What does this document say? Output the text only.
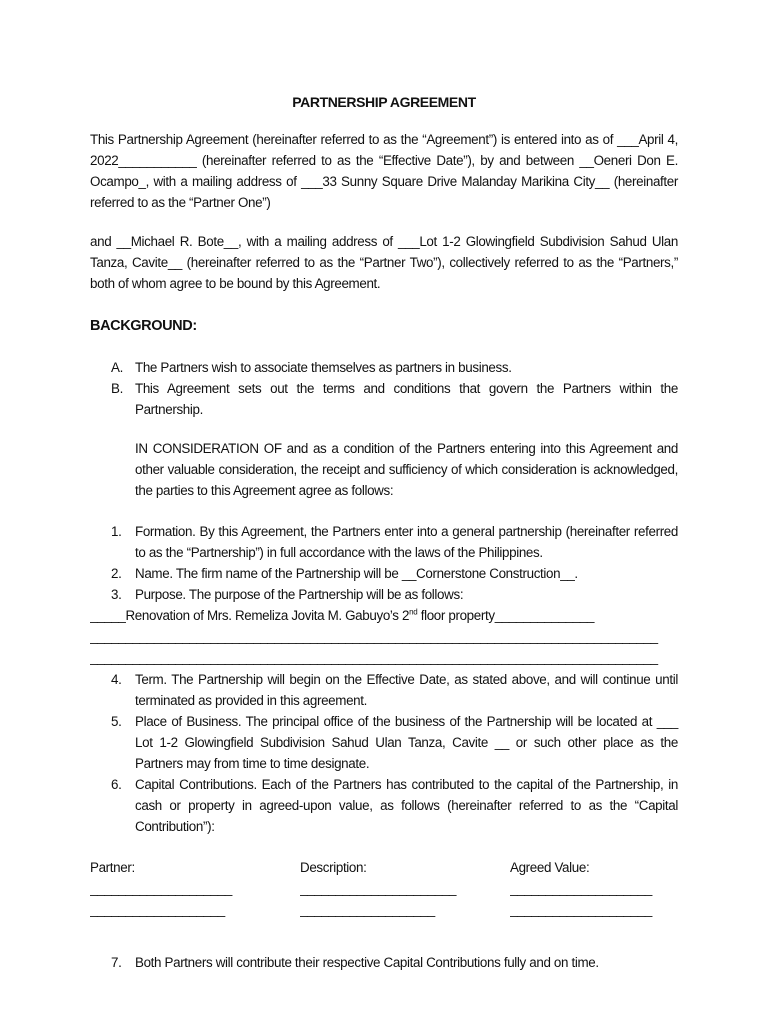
PARTNERSHIP AGREEMENT

This Partnership Agreement (hereinafter referred to as the “Agreement”) is entered into as of ___April 4, 2022___________ (hereinafter referred to as the “Effective Date”), by and between __Oeneri Don E. Ocampo_, with a mailing address of ___33 Sunny Square Drive Malanday Marikina City__ (hereinafter referred to as the “Partner One”)

and __Michael R. Bote__, with a mailing address of ___Lot 1-2 Glowingfield Subdivision Sahud Ulan Tanza, Cavite__ (hereinafter referred to as the “Partner Two”), collectively referred to as the “Partners,” both of whom agree to be bound by this Agreement.

BACKGROUND:
A. The Partners wish to associate themselves as partners in business.
B. This Agreement sets out the terms and conditions that govern the Partners within the Partnership.

IN CONSIDERATION OF and as a condition of the Partners entering into this Agreement and other valuable consideration, the receipt and sufficiency of which consideration is acknowledged, the parties to this Agreement agree as follows:

1. Formation. By this Agreement, the Partners enter into a general partnership (hereinafter referred to as the “Partnership”) in full accordance with the laws of the Philippines.
2. Name. The firm name of the Partnership will be __Cornerstone Construction__.
3. Purpose. The purpose of the Partnership will be as follows:

_____Renovation of Mrs. Remeliza Jovita M. Gabuyo’s 2nd floor property______________

________________________________________________________________________________

________________________________________________________________________________

4. Term. The Partnership will begin on the Effective Date, as stated above, and will continue until terminated as provided in this agreement.
5. Place of Business. The principal office of the business of the Partnership will be located at ___ Lot 1-2 Glowingfield Subdivision Sahud Ulan Tanza, Cavite __ or such other place as the Partners may from time to time designate.
6. Capital Contributions. Each of the Partners has contributed to the capital of the Partnership, in cash or property in agreed-upon value, as follows (hereinafter referred to as the “Capital Contribution”):
Partner:	Description:	Agreed Value:
____________________	______________________	____________________
___________________	___________________	____________________
7. Both Partners will contribute their respective Capital Contributions fully and on time.
